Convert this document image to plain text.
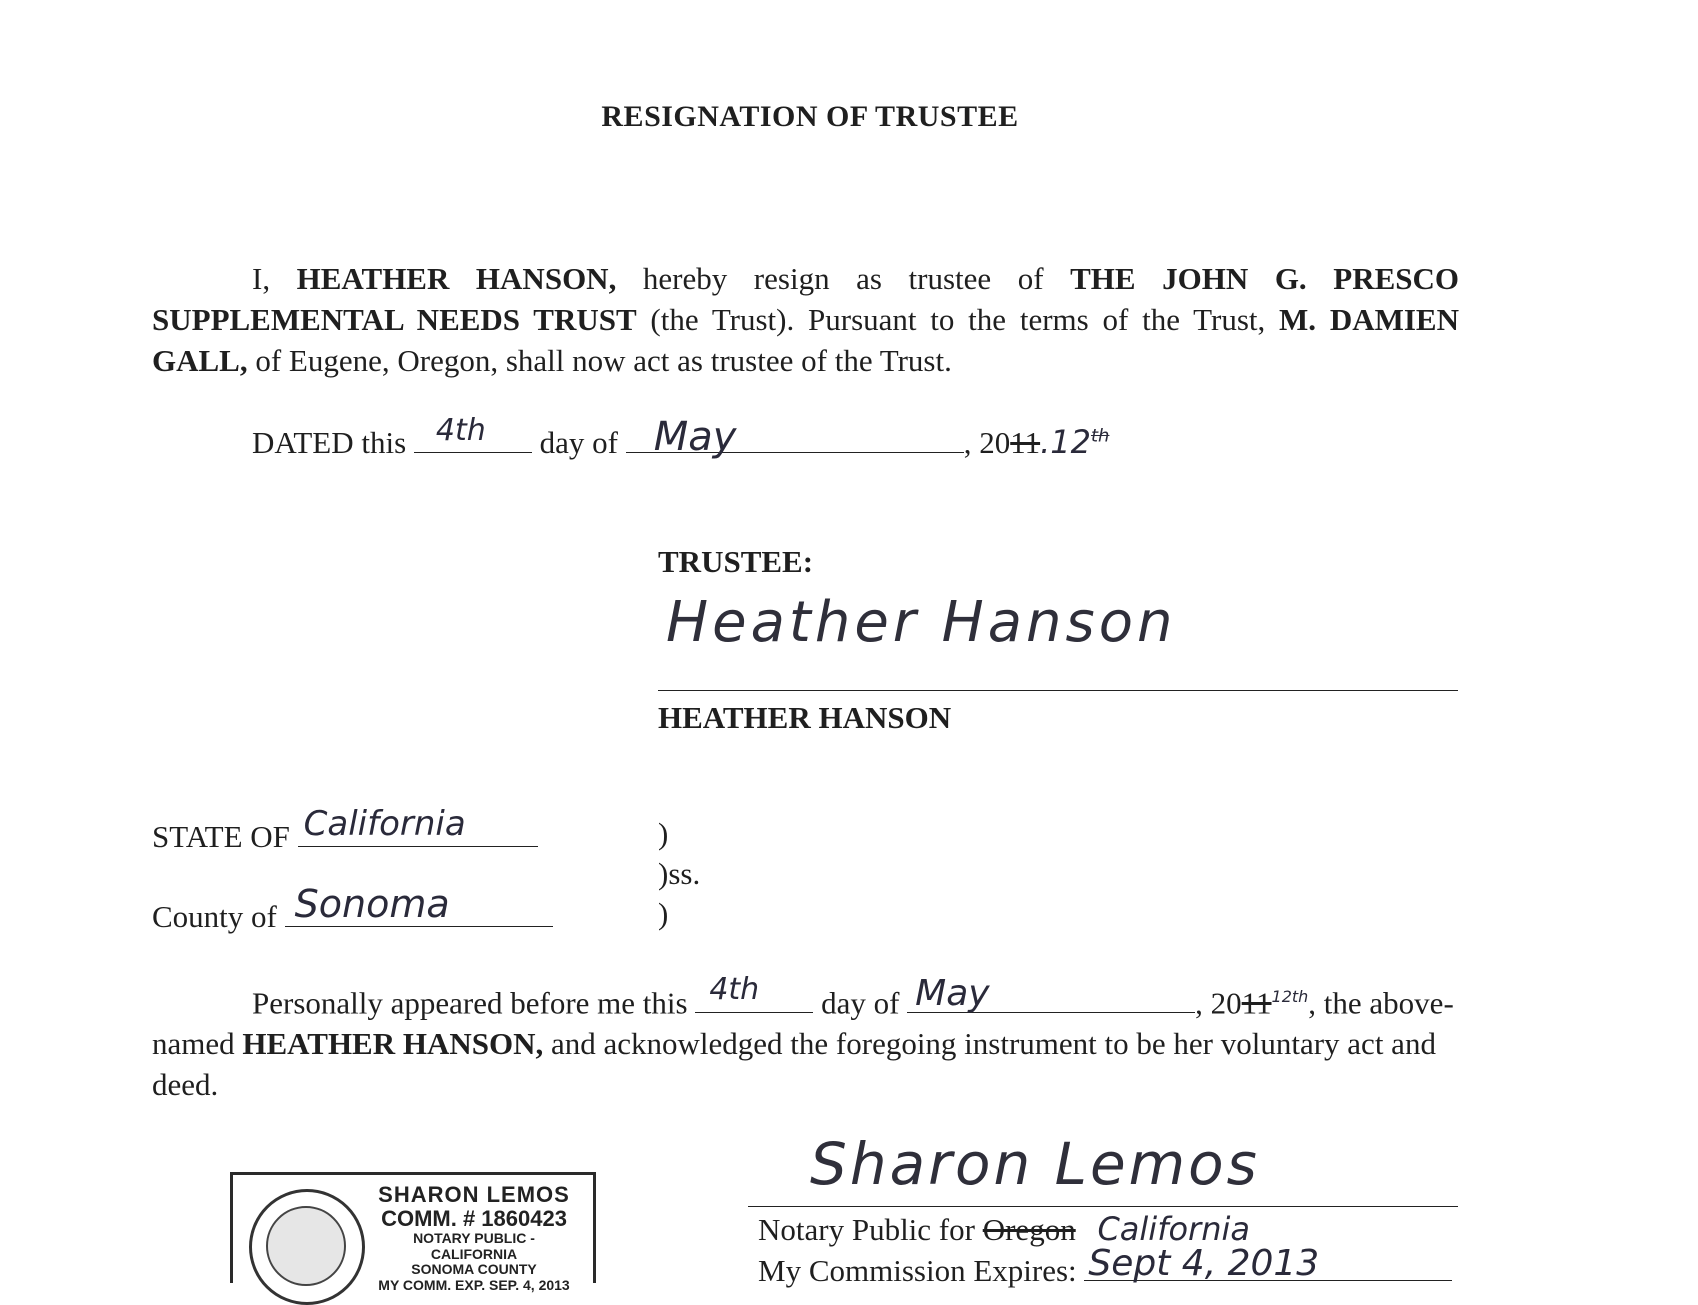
RESIGNATION OF TRUSTEE
I, HEATHER HANSON, hereby resign as trustee of THE JOHN G. PRESCO SUPPLEMENTAL NEEDS TRUST (the Trust). Pursuant to the terms of the Trust, M. DAMIEN GALL, of Eugene, Oregon, shall now act as trustee of the Trust.
DATED this 4th day of May	, 2011.12th
TRUSTEE:
Heather Hanson
HEATHER HANSON
STATE OF California	)
)ss.
County of Sonoma	)
Personally appeared before me this 4th day of May	, $2011^{12th}$, the above-named HEATHER HANSON, and acknowledged the foregoing instrument to be her voluntary act and deed.
Sharon Lemos
Notary Public for Oregon California
My Commission Expires: Sept 4, 2013
SHARON LEMOS
COMM. # 1860423
NOTARY PUBLIC - CALIFORNIA
SONOMA COUNTY
MY COMM. EXP. SEP. 4, 2013
